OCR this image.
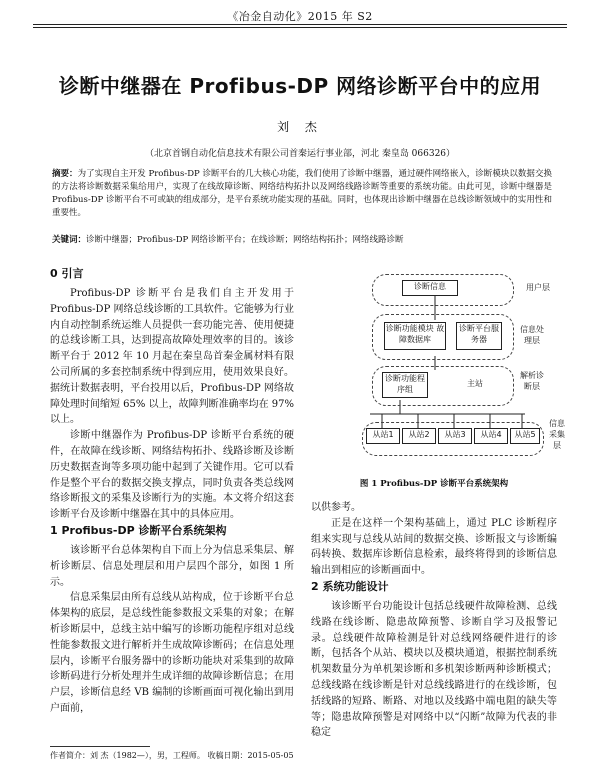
《冶金自动化》2015 年 S2
诊断中继器在 Profibus-DP 网络诊断平台中的应用
刘 杰
（北京首钢自动化信息技术有限公司首秦运行事业部，河北 秦皇岛 066326）
摘要：为了实现自主开发 Profibus-DP 诊断平台的几大核心功能，我们使用了诊断中继器，通过硬件网络嵌入，诊断模块以数据交换的方法将诊断数据采集给用户，实现了在线故障诊断、网络结构拓扑以及网络线路诊断等重要的系统功能。由此可见，诊断中继器是 Profibus-DP 诊断平台不可或缺的组成部分，是平台系统功能实现的基础。同时，也体现出诊断中继器在总线诊断领域中的实用性和重要性。
关键词：诊断中继器；Profibus-DP 网络诊断平台；在线诊断；网络结构拓扑；网络线路诊断
0 引言

Profibus-DP 诊断平台是我们自主开发用于 Profibus-DP 网络总线诊断的工具软件。它能够为行业内自动控制系统运维人员提供一套功能完善、使用便捷的总线诊断工具，达到提高故障处理效率的目的。该诊断平台于 2012 年 10 月起在秦皇岛首秦金属材料有限公司所属的多套控制系统中得到应用，使用效果良好。据统计数据表明，平台投用以后，Profibus-DP 网络故障处理时间缩短 65% 以上，故障判断准确率均在 97% 以上。

诊断中继器作为 Profibus-DP 诊断平台系统的硬件，在故障在线诊断、网络结构拓扑、线路诊断及诊断历史数据查询等多项功能中起到了关键作用。它可以看作是整个平台的数据交换支撑点，同时负责各类总线网络诊断报文的采集及诊断行为的实施。本文将介绍这套诊断平台及诊断中继器在其中的具体应用。

1 Profibus-DP 诊断平台系统架构

该诊断平台总体架构自下而上分为信息采集层、解析诊断层、信息处理层和用户层四个部分，如图 1 所示。

信息采集层由所有总线从站构成，位于诊断平台总体架构的底层，是总线性能参数报文采集的对象；在解析诊断层中，总线主站中编写的诊断功能程序组对总线性能参数报文进行解析并生成故障诊断码；在信息处理层内，诊断平台服务器中的诊断功能块对采集到的故障诊断码进行分析处理并生成详细的故障诊断信息；在用户层，诊断信息经 VB 编制的诊断画面可视化输出到用户面前，

诊断信息
诊断功能模块 故障数据库
诊断平台服务器
诊断功能程序组
主站
从站1	从站2	从站3	从站4	从站5
用户层
信息处理层
解析诊断层
信息采集层
图 1 Profibus-DP 诊断平台系统架构

以供参考。

正是在这样一个架构基础上，通过 PLC 诊断程序组来实现与总线从站间的数据交换、诊断报文与诊断编码转换、数据库诊断信息检索，最终将得到的诊断信息输出到相应的诊断画面中。

2 系统功能设计

该诊断平台功能设计包括总线硬件故障检测、总线线路在线诊断、隐患故障预警、诊断自学习及报警记录。总线硬件故障检测是针对总线网络硬件进行的诊断，包括各个从站、模块以及模块通道，根据控制系统机架数量分为单机架诊断和多机架诊断两种诊断模式；总线线路在线诊断是针对总线线路进行的在线诊断，包括线路的短路、断路、对地以及线路中端电阻的缺失等等；隐患故障预警是对网络中以“闪断”故障为代表的非稳定

作者简介：刘 杰（1982—），男，工程师。 收稿日期：2015-05-05
